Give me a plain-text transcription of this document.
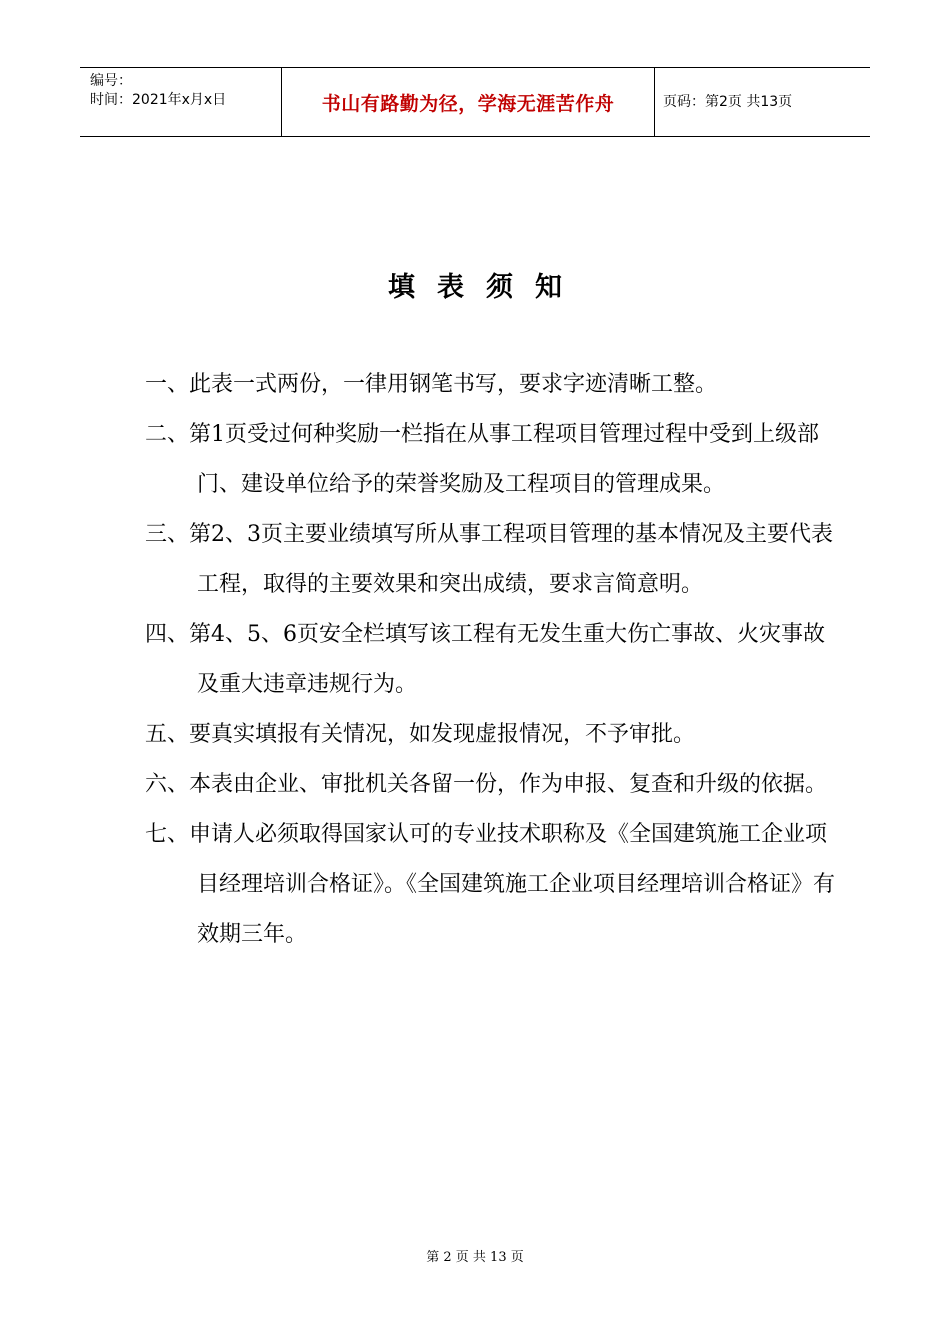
编号：
时间：2021年x月x日	书山有路勤为径，学海无涯苦作舟	页码：第2页 共13页
填表须知

一、此表一式两份，一律用钢笔书写，要求字迹清晰工整。

二、第1页受过何种奖励一栏指在从事工程项目管理过程中受到上级部门、建设单位给予的荣誉奖励及工程项目的管理成果。

三、第2、3页主要业绩填写所从事工程项目管理的基本情况及主要代表工程，取得的主要效果和突出成绩，要求言简意明。

四、第4、5、6页安全栏填写该工程有无发生重大伤亡事故、火灾事故及重大违章违规行为。

五、要真实填报有关情况，如发现虚报情况，不予审批。

六、本表由企业、审批机关各留一份，作为申报、复查和升级的依据。

七、申请人必须取得国家认可的专业技术职称及《全国建筑施工企业项目经理培训合格证》。《全国建筑施工企业项目经理培训合格证》有效期三年。

第 2 页 共 13 页
